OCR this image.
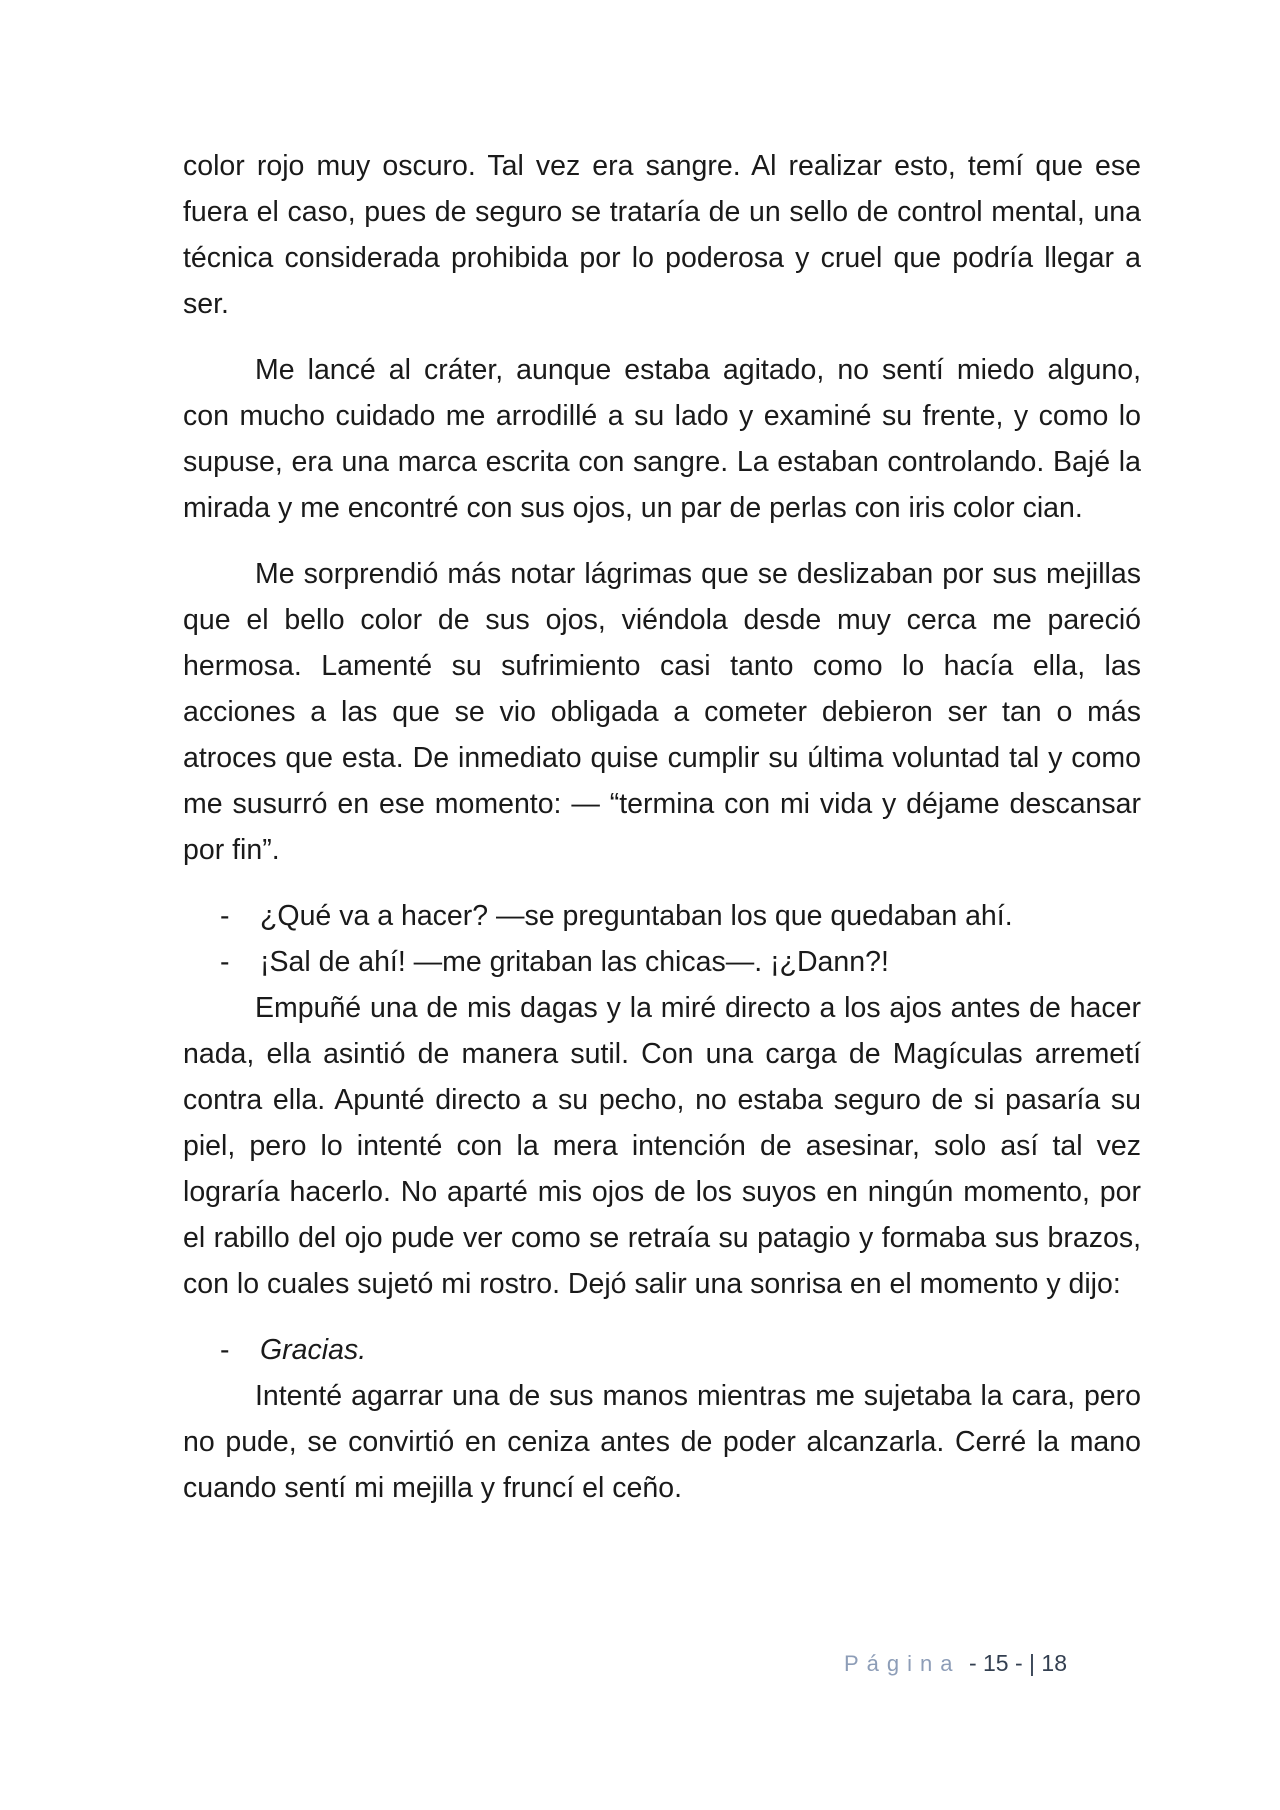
color rojo muy oscuro. Tal vez era sangre. Al realizar esto, temí que ese fuera el caso, pues de seguro se trataría de un sello de control mental, una técnica considerada prohibida por lo poderosa y cruel que podría llegar a ser.

Me lancé al cráter, aunque estaba agitado, no sentí miedo alguno, con mucho cuidado me arrodillé a su lado y examiné su frente, y como lo supuse, era una marca escrita con sangre. La estaban controlando. Bajé la mirada y me encontré con sus ojos, un par de perlas con iris color cian.

Me sorprendió más notar lágrimas que se deslizaban por sus mejillas que el bello color de sus ojos, viéndola desde muy cerca me pareció hermosa. Lamenté su sufrimiento casi tanto como lo hacía ella, las acciones a las que se vio obligada a cometer debieron ser tan o más atroces que esta. De inmediato quise cumplir su última voluntad tal y como me susurró en ese momento: — “termina con mi vida y déjame descansar por fin”.

- ¿Qué va a hacer? —se preguntaban los que quedaban ahí.
- ¡Sal de ahí! —me gritaban las chicas—. ¡¿Dann?!

Empuñé una de mis dagas y la miré directo a los ajos antes de hacer nada, ella asintió de manera sutil. Con una carga de Magículas arremetí contra ella. Apunté directo a su pecho, no estaba seguro de si pasaría su piel, pero lo intenté con la mera intención de asesinar, solo así tal vez lograría hacerlo. No aparté mis ojos de los suyos en ningún momento, por el rabillo del ojo pude ver como se retraía su patagio y formaba sus brazos, con lo cuales sujetó mi rostro. Dejó salir una sonrisa en el momento y dijo:

- Gracias.

Intenté agarrar una de sus manos mientras me sujetaba la cara, pero no pude, se convirtió en ceniza antes de poder alcanzarla. Cerré la mano cuando sentí mi mejilla y fruncí el ceño.

Página - 15 - | 18
